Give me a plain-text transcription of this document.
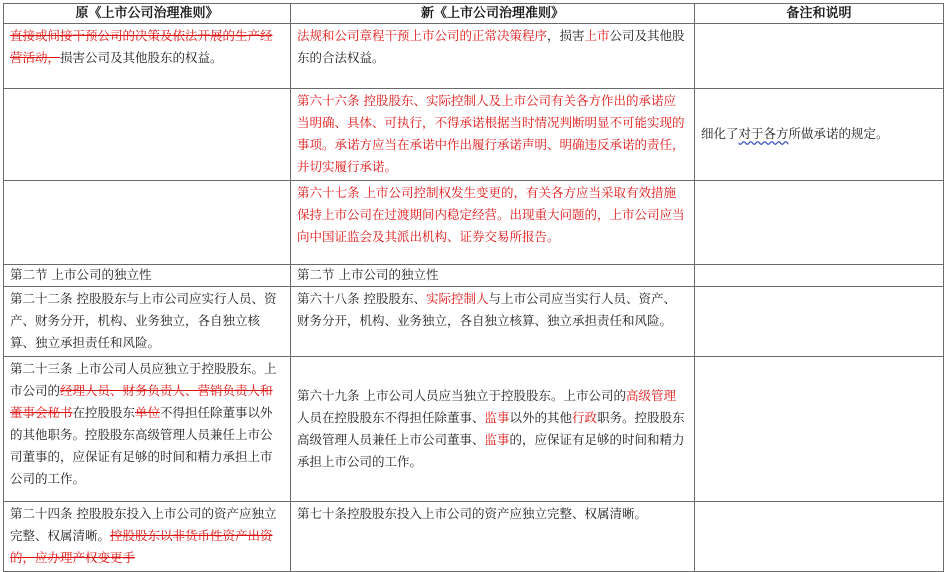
原《上市公司治理准则》	新《上市公司治理准则》	备注和说明
直接或间接干预公司的决策及依法开展的生产经营活动，损害公司及其他股东的权益。	法规和公司章程干预上市公司的正常决策程序，损害上市公司及其他股东的合法权益。	
	第六十六条 控股股东、实际控制人及上市公司有关各方作出的承诺应当明确、具体、可执行，不得承诺根据当时情况判断明显不可能实现的事项。承诺方应当在承诺中作出履行承诺声明、明确违反承诺的责任，并切实履行承诺。	细化了对于各方所做承诺的规定。
	第六十七条 上市公司控制权发生变更的，有关各方应当采取有效措施保持上市公司在过渡期间内稳定经营。出现重大问题的，上市公司应当向中国证监会及其派出机构、证券交易所报告。	
第二节 上市公司的独立性	第二节 上市公司的独立性	
第二十二条 控股股东与上市公司应实行人员、资产、财务分开，机构、业务独立，各自独立核算、独立承担责任和风险。	第六十八条 控股股东、实际控制人与上市公司应当实行人员、资产、财务分开，机构、业务独立，各自独立核算、独立承担责任和风险。	
第二十三条 上市公司人员应独立于控股股东。上市公司的经理人员、财务负责人、营销负责人和董事会秘书在控股股东单位不得担任除董事以外的其他职务。控股股东高级管理人员兼任上市公司董事的，应保证有足够的时间和精力承担上市公司的工作。	第六十九条 上市公司人员应当独立于控股股东。上市公司的高级管理人员在控股股东不得担任除董事、监事以外的其他行政职务。控股股东高级管理人员兼任上市公司董事、监事的，应保证有足够的时间和精力承担上市公司的工作。	
第二十四条 控股股东投入上市公司的资产应独立完整、权属清晰。控股股东以非货币性资产出资的，应办理产权变更手	第七十条控股股东投入上市公司的资产应独立完整、权属清晰。	
